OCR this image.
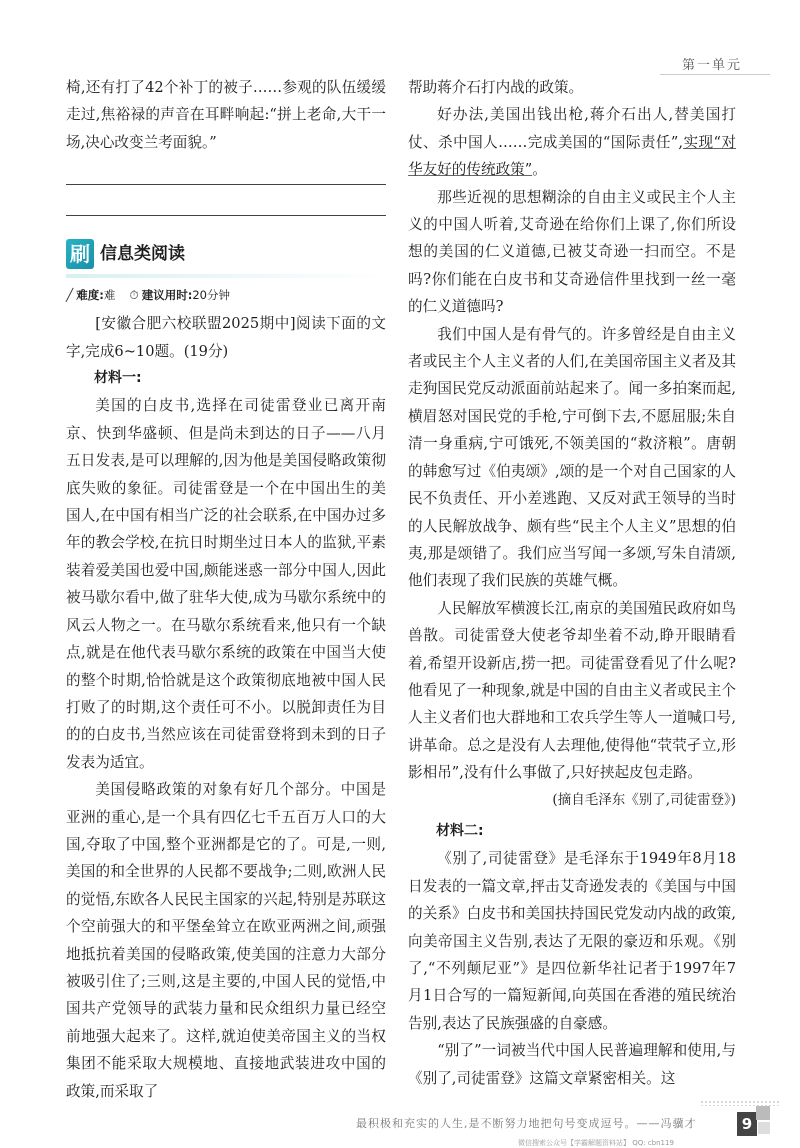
第一单元

椅,还有打了42个补丁的被子……参观的队伍缓缓走过,焦裕禄的声音在耳畔响起:“拼上老命,大干一场,决心改变兰考面貌。”

刷 信息类阅读
╱ 难度:难 ⏱ 建议用时:20分钟

[安徽合肥六校联盟2025期中]阅读下面的文字,完成6~10题。(19分)

材料一:

美国的白皮书,选择在司徒雷登业已离开南京、快到华盛顿、但是尚未到达的日子——八月五日发表,是可以理解的,因为他是美国侵略政策彻底失败的象征。司徒雷登是一个在中国出生的美国人,在中国有相当广泛的社会联系,在中国办过多年的教会学校,在抗日时期坐过日本人的监狱,平素装着爱美国也爱中国,颇能迷惑一部分中国人,因此被马歇尔看中,做了驻华大使,成为马歇尔系统中的风云人物之一。在马歇尔系统看来,他只有一个缺点,就是在他代表马歇尔系统的政策在中国当大使的整个时期,恰恰就是这个政策彻底地被中国人民打败了的时期,这个责任可不小。以脱卸责任为目的的白皮书,当然应该在司徒雷登将到未到的日子发表为适宜。

美国侵略政策的对象有好几个部分。中国是亚洲的重心,是一个具有四亿七千五百万人口的大国,夺取了中国,整个亚洲都是它的了。可是,一则,美国的和全世界的人民都不要战争;二则,欧洲人民的觉悟,东欧各人民民主国家的兴起,特别是苏联这个空前强大的和平堡垒耸立在欧亚两洲之间,顽强地抵抗着美国的侵略政策,使美国的注意力大部分被吸引住了;三则,这是主要的,中国人民的觉悟,中国共产党领导的武装力量和民众组织力量已经空前地强大起来了。这样,就迫使美帝国主义的当权集团不能采取大规模地、直接地武装进攻中国的政策,而采取了

帮助蒋介石打内战的政策。

好办法,美国出钱出枪,蒋介石出人,替美国打仗、杀中国人……完成美国的“国际责任”,实现“对华友好的传统政策”。

那些近视的思想糊涂的自由主义或民主个人主义的中国人听着,艾奇逊在给你们上课了,你们所设想的美国的仁义道德,已被艾奇逊一扫而空。不是吗?你们能在白皮书和艾奇逊信件里找到一丝一毫的仁义道德吗?

我们中国人是有骨气的。许多曾经是自由主义者或民主个人主义者的人们,在美国帝国主义者及其走狗国民党反动派面前站起来了。闻一多拍案而起,横眉怒对国民党的手枪,宁可倒下去,不愿屈服;朱自清一身重病,宁可饿死,不领美国的“救济粮”。唐朝的韩愈写过《伯夷颂》,颂的是一个对自己国家的人民不负责任、开小差逃跑、又反对武王领导的当时的人民解放战争、颇有些“民主个人主义”思想的伯夷,那是颂错了。我们应当写闻一多颂,写朱自清颂,他们表现了我们民族的英雄气概。

人民解放军横渡长江,南京的美国殖民政府如鸟兽散。司徒雷登大使老爷却坐着不动,睁开眼睛看着,希望开设新店,捞一把。司徒雷登看见了什么呢?他看见了一种现象,就是中国的自由主义者或民主个人主义者们也大群地和工农兵学生等人一道喊口号,讲革命。总之是没有人去理他,使得他“茕茕孑立,形影相吊”,没有什么事做了,只好挟起皮包走路。

(摘自毛泽东《别了,司徒雷登》)
材料二:

《别了,司徒雷登》是毛泽东于1949年8月18日发表的一篇文章,抨击艾奇逊发表的《美国与中国的关系》白皮书和美国扶持国民党发动内战的政策,向美帝国主义告别,表达了无限的豪迈和乐观。《别了,“不列颠尼亚”》是四位新华社记者于1997年7月1日合写的一篇短新闻,向英国在香港的殖民统治告别,表达了民族强盛的自豪感。

“别了”一词被当代中国人民普遍理解和使用,与《别了,司徒雷登》这篇文章紧密相关。这

最积极和充实的人生,是不断努力地把句号变成逗号。——冯骥才	9
微信搜索公众号【学霸解题资料站】 QQ: cbn119
